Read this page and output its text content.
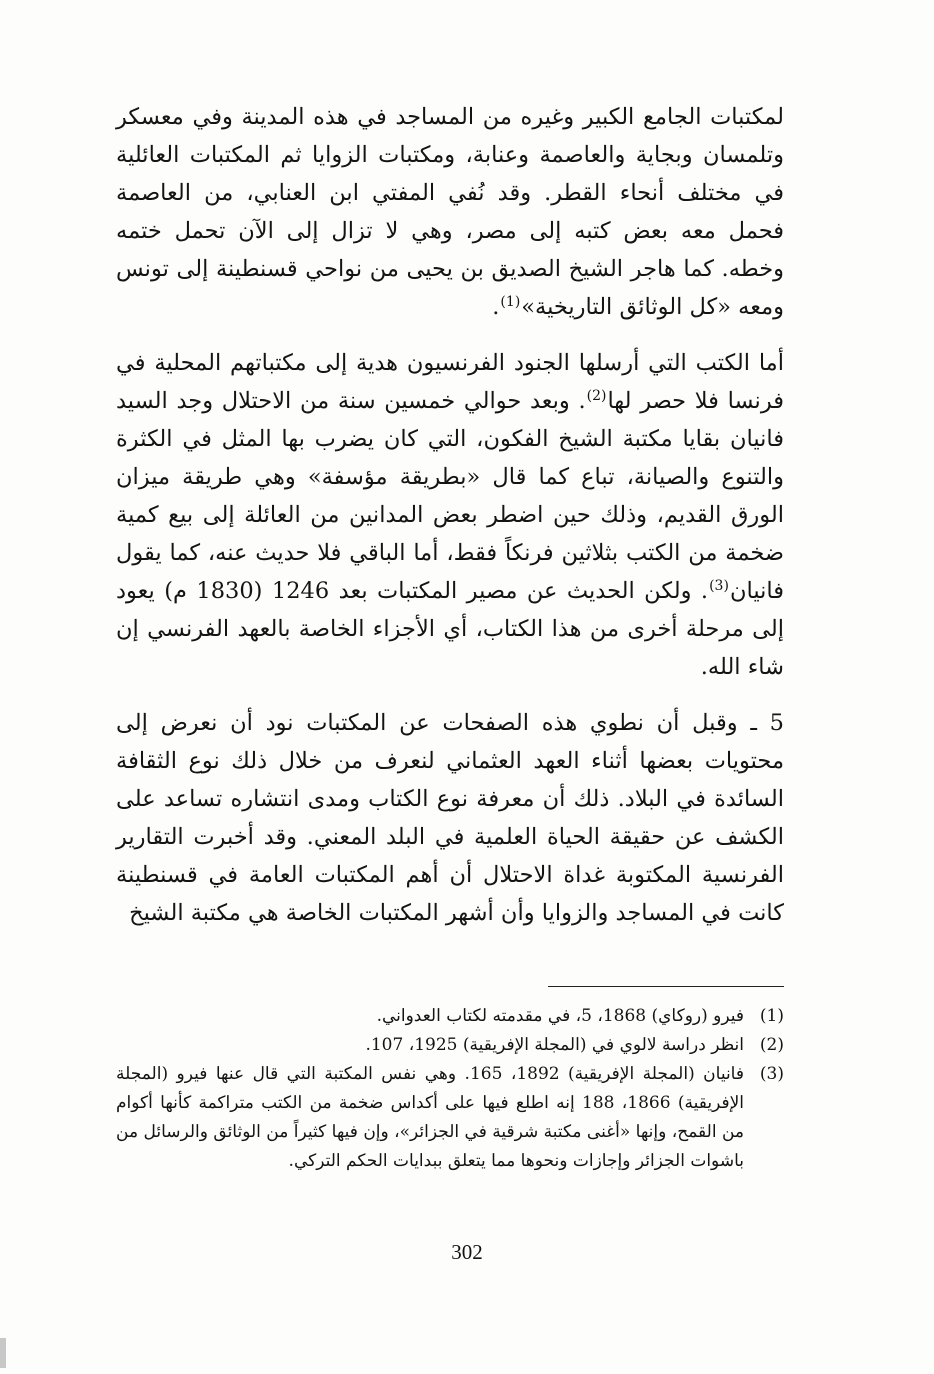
لمكتبات الجامع الكبير وغيره من المساجد في هذه المدينة وفي معسكر وتلمسان وبجاية والعاصمة وعنابة، ومكتبات الزوايا ثم المكتبات العائلية في مختلف أنحاء القطر. وقد نُفي المفتي ابن العنابي، من العاصمة فحمل معه بعض كتبه إلى مصر، وهي لا تزال إلى الآن تحمل ختمه وخطه. كما هاجر الشيخ الصديق بن يحيى من نواحي قسنطينة إلى تونس ومعه «كل الوثائق التاريخية»$^{(1)}$.

أما الكتب التي أرسلها الجنود الفرنسيون هدية إلى مكتباتهم المحلية في فرنسا فلا حصر لها$^{(2)}$. وبعد حوالي خمسين سنة من الاحتلال وجد السيد فانيان بقايا مكتبة الشيخ الفكون، التي كان يضرب بها المثل في الكثرة والتنوع والصيانة، تباع كما قال «بطريقة مؤسفة» وهي طريقة ميزان الورق القديم، وذلك حين اضطر بعض المدانين من العائلة إلى بيع كمية ضخمة من الكتب بثلاثين فرنكاً فقط، أما الباقي فلا حديث عنه، كما يقول فانيان$^{(3)}$. ولكن الحديث عن مصير المكتبات بعد 1246 (1830 م) يعود إلى مرحلة أخرى من هذا الكتاب، أي الأجزاء الخاصة بالعهد الفرنسي إن شاء الله.

5 ـ وقبل أن نطوي هذه الصفحات عن المكتبات نود أن نعرض إلى محتويات بعضها أثناء العهد العثماني لنعرف من خلال ذلك نوع الثقافة السائدة في البلاد. ذلك أن معرفة نوع الكتاب ومدى انتشاره تساعد على الكشف عن حقيقة الحياة العلمية في البلد المعني. وقد أخبرت التقارير الفرنسية المكتوبة غداة الاحتلال أن أهم المكتبات العامة في قسنطينة كانت في المساجد والزوايا وأن أشهر المكتبات الخاصة هي مكتبة الشيخ

(1)
فيرو (روكاي) 1868، 5، في مقدمته لكتاب العدواني.
(2)
انظر دراسة لالوي في (المجلة الإفريقية) 1925، 107.
(3)
فانيان (المجلة الإفريقية) 1892، 165. وهي نفس المكتبة التي قال عنها فيرو (المجلة الإفريقية) 1866، 188 إنه اطلع فيها على أكداس ضخمة من الكتب متراكمة كأنها أكوام من القمح، وإنها «أغنى مكتبة شرقية في الجزائر»، وإن فيها كثيراً من الوثائق والرسائل من باشوات الجزائر وإجازات ونحوها مما يتعلق ببدايات الحكم التركي.
302
